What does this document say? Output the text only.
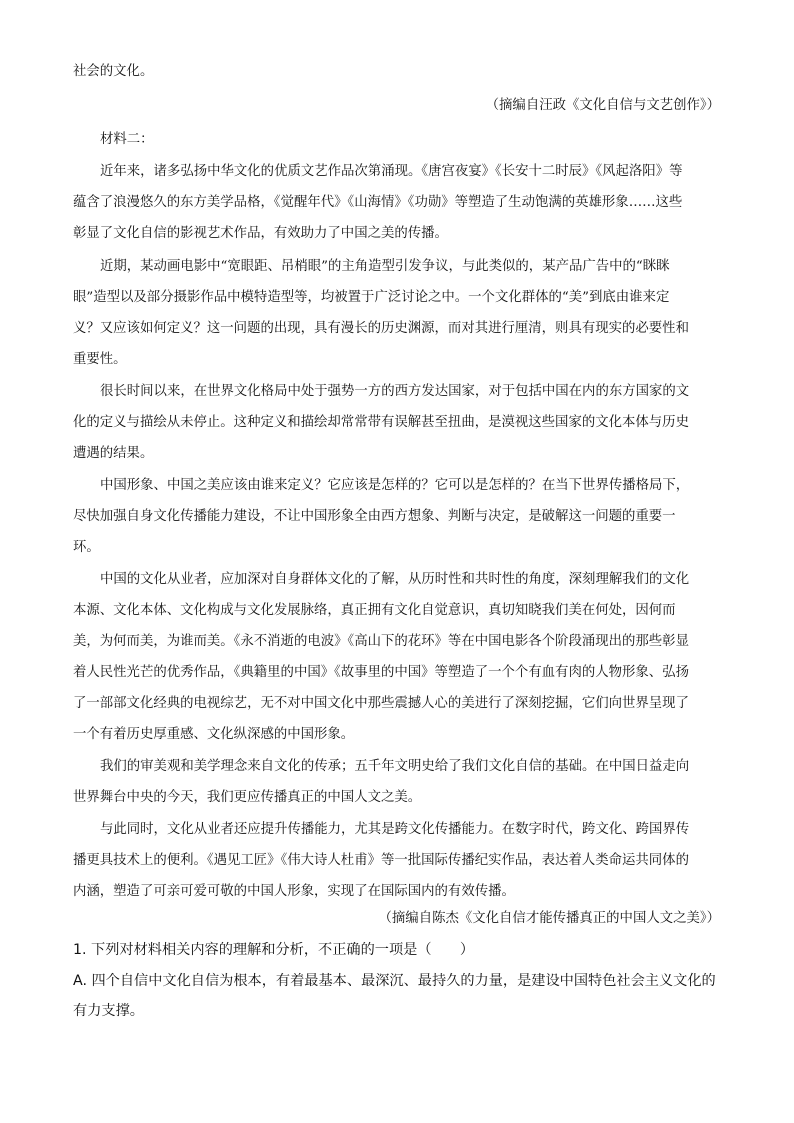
社会的文化。
（摘编自汪政《文化自信与文艺创作》）
材料二：
近年来，诸多弘扬中华文化的优质文艺作品次第涌现。《唐宫夜宴》《长安十二时辰》《风起洛阳》等
蕴含了浪漫悠久的东方美学品格，《觉醒年代》《山海情》《功勋》等塑造了生动饱满的英雄形象……这些
彰显了文化自信的影视艺术作品，有效助力了中国之美的传播。
近期，某动画电影中“宽眼距、吊梢眼”的主角造型引发争议，与此类似的，某产品广告中的“眯眯
眼”造型以及部分摄影作品中模特造型等，均被置于广泛讨论之中。一个文化群体的“美”到底由谁来定
义？又应该如何定义？这一问题的出现，具有漫长的历史渊源，而对其进行厘清，则具有现实的必要性和
重要性。
很长时间以来，在世界文化格局中处于强势一方的西方发达国家，对于包括中国在内的东方国家的文
化的定义与描绘从未停止。这种定义和描绘却常常带有误解甚至扭曲，是漠视这些国家的文化本体与历史
遭遇的结果。
中国形象、中国之美应该由谁来定义？它应该是怎样的？它可以是怎样的？在当下世界传播格局下，
尽快加强自身文化传播能力建设，不让中国形象全由西方想象、判断与决定，是破解这一问题的重要一
环。
中国的文化从业者，应加深对自身群体文化的了解，从历时性和共时性的角度，深刻理解我们的文化
本源、文化本体、文化构成与文化发展脉络，真正拥有文化自觉意识，真切知晓我们美在何处，因何而
美，为何而美，为谁而美。《永不消逝的电波》《高山下的花环》等在中国电影各个阶段涌现出的那些彰显
着人民性光芒的优秀作品，《典籍里的中国》《故事里的中国》等塑造了一个个有血有肉的人物形象、弘扬
了一部部文化经典的电视综艺，无不对中国文化中那些震撼人心的美进行了深刻挖掘，它们向世界呈现了
一个有着历史厚重感、文化纵深感的中国形象。
我们的审美观和美学理念来自文化的传承；五千年文明史给了我们文化自信的基础。在中国日益走向
世界舞台中央的今天，我们更应传播真正的中国人文之美。
与此同时，文化从业者还应提升传播能力，尤其是跨文化传播能力。在数字时代，跨文化、跨国界传
播更具技术上的便利。《遇见工匠》《伟大诗人杜甫》等一批国际传播纪实作品，表达着人类命运共同体的
内涵，塑造了可亲可爱可敬的中国人形象，实现了在国际国内的有效传播。
（摘编自陈杰《文化自信才能传播真正的中国人文之美》）
1. 下列对材料相关内容的理解和分析，不正确的一项是（　　）
A. 四个自信中文化自信为根本，有着最基本、最深沉、最持久的力量，是建设中国特色社会主义文化的
有力支撑。
